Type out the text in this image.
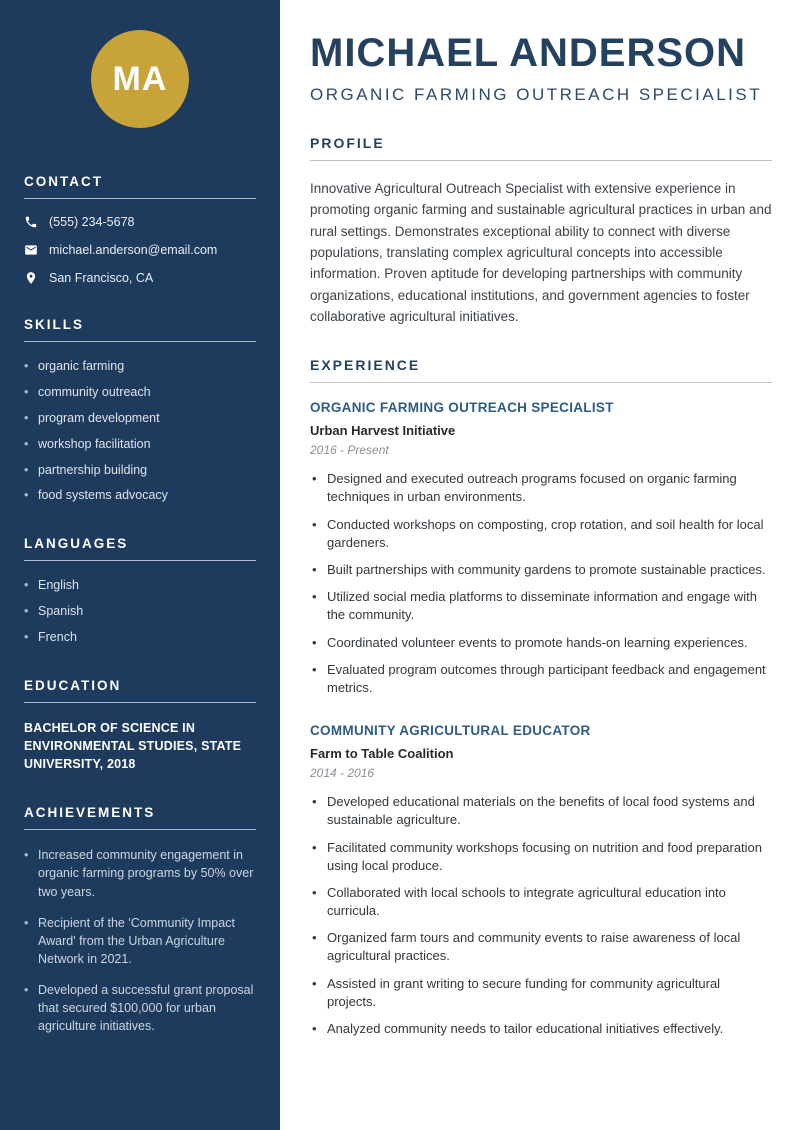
MA
CONTACT
(555) 234-5678
michael.anderson@email.com
San Francisco, CA
SKILLS
• organic farming
• community outreach
• program development
• workshop facilitation
• partnership building
• food systems advocacy
LANGUAGES
• English
• Spanish
• French
EDUCATION
BACHELOR OF SCIENCE IN ENVIRONMENTAL STUDIES, STATE UNIVERSITY, 2018
ACHIEVEMENTS
• Increased community engagement in organic farming programs by 50% over two years.
• Recipient of the 'Community Impact Award' from the Urban Agriculture Network in 2021.
• Developed a successful grant proposal that secured $100,000 for urban agriculture initiatives.
MICHAEL ANDERSON
ORGANIC FARMING OUTREACH SPECIALIST
PROFILE

Innovative Agricultural Outreach Specialist with extensive experience in promoting organic farming and sustainable agricultural practices in urban and rural settings. Demonstrates exceptional ability to connect with diverse populations, translating complex agricultural concepts into accessible information. Proven aptitude for developing partnerships with community organizations, educational institutions, and government agencies to foster collaborative agricultural initiatives.

EXPERIENCE
ORGANIC FARMING OUTREACH SPECIALIST
Urban Harvest Initiative
2016 - Present
• Designed and executed outreach programs focused on organic farming techniques in urban environments.
• Conducted workshops on composting, crop rotation, and soil health for local gardeners.
• Built partnerships with community gardens to promote sustainable practices.
• Utilized social media platforms to disseminate information and engage with the community.
• Coordinated volunteer events to promote hands-on learning experiences.
• Evaluated program outcomes through participant feedback and engagement metrics.
COMMUNITY AGRICULTURAL EDUCATOR
Farm to Table Coalition
2014 - 2016
• Developed educational materials on the benefits of local food systems and sustainable agriculture.
• Facilitated community workshops focusing on nutrition and food preparation using local produce.
• Collaborated with local schools to integrate agricultural education into curricula.
• Organized farm tours and community events to raise awareness of local agricultural practices.
• Assisted in grant writing to secure funding for community agricultural projects.
• Analyzed community needs to tailor educational initiatives effectively.
